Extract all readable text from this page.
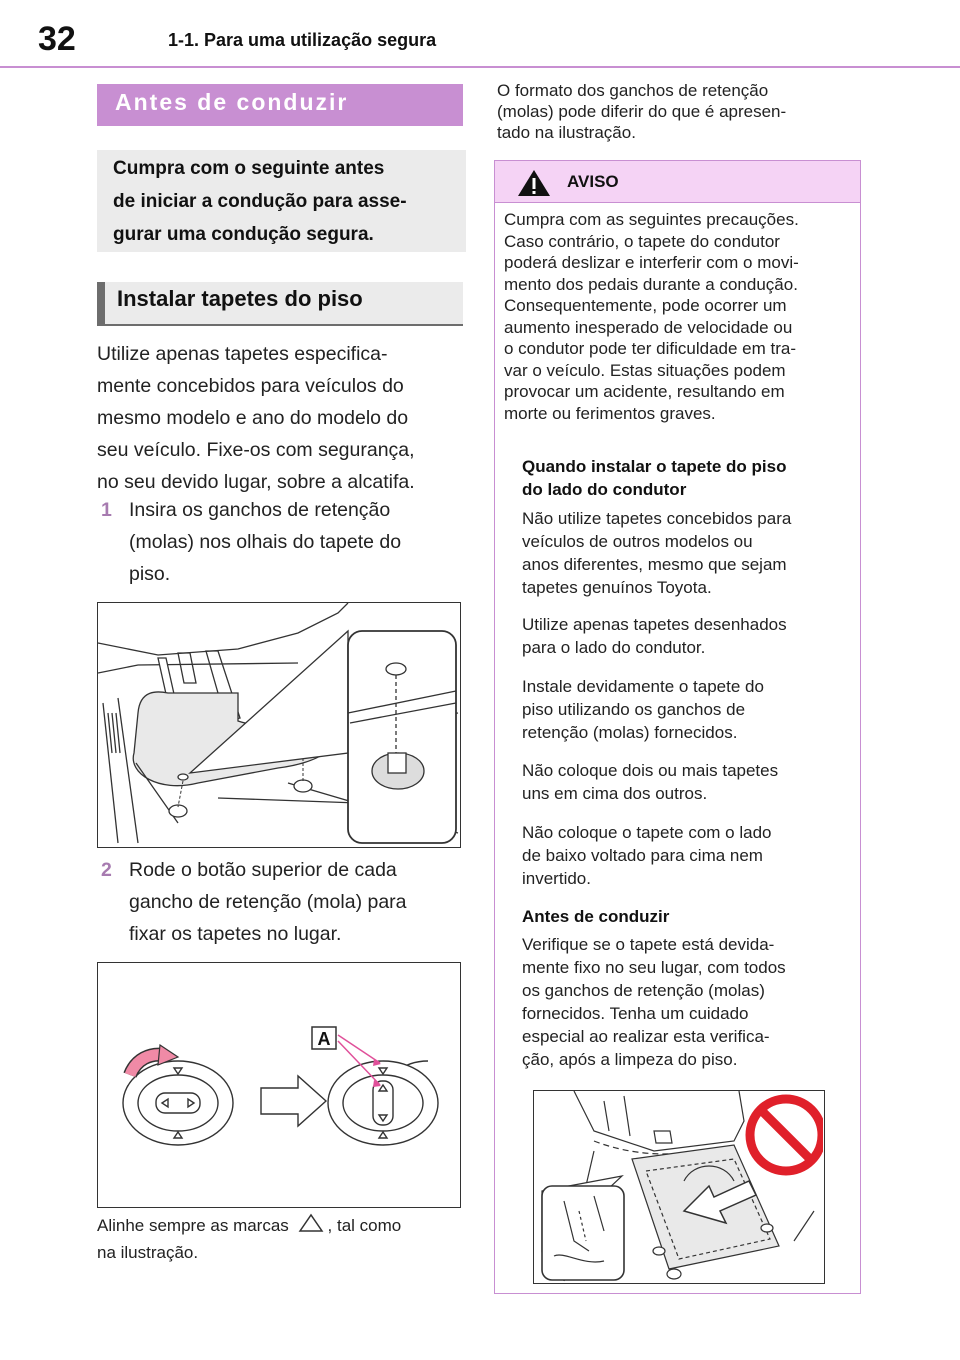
32	1-1. Para uma utilização segura
Antes de conduzir
Cumpra com o seguinte antes
de iniciar a condução para asse-
gurar uma condução segura.
Instalar tapetes do piso
Utilize apenas tapetes especifica-
mente concebidos para veículos do
mesmo modelo e ano do modelo do
seu veículo. Fixe-os com segurança,
no seu devido lugar, sobre a alcatifa.
1 Insira os ganchos de retenção
(molas) nos olhais do tapete do
piso.
2 Rode o botão superior de cada
gancho de retenção (mola) para
fixar os tapetes no lugar.
A
Alinhe sempre as marcas , tal como
na ilustração.
O formato dos ganchos de retenção
(molas) pode diferir do que é apresen-
tado na ilustração.
AVISO
Cumpra com as seguintes precauções.
Caso contrário, o tapete do condutor
poderá deslizar e interferir com o movi-
mento dos pedais durante a condução.
Consequentemente, pode ocorrer um
aumento inesperado de velocidade ou
o condutor pode ter dificuldade em tra-
var o veículo. Estas situações podem
provocar um acidente, resultando em
morte ou ferimentos graves.
Quando instalar o tapete do piso
do lado do condutor
Não utilize tapetes concebidos para
veículos de outros modelos ou
anos diferentes, mesmo que sejam
tapetes genuínos Toyota.
Utilize apenas tapetes desenhados
para o lado do condutor.
Instale devidamente o tapete do
piso utilizando os ganchos de
retenção (molas) fornecidos.
Não coloque dois ou mais tapetes
uns em cima dos outros.
Não coloque o tapete com o lado
de baixo voltado para cima nem
invertido.
Antes de conduzir
Verifique se o tapete está devida-
mente fixo no seu lugar, com todos
os ganchos de retenção (molas)
fornecidos. Tenha um cuidado
especial ao realizar esta verifica-
ção, após a limpeza do piso.
